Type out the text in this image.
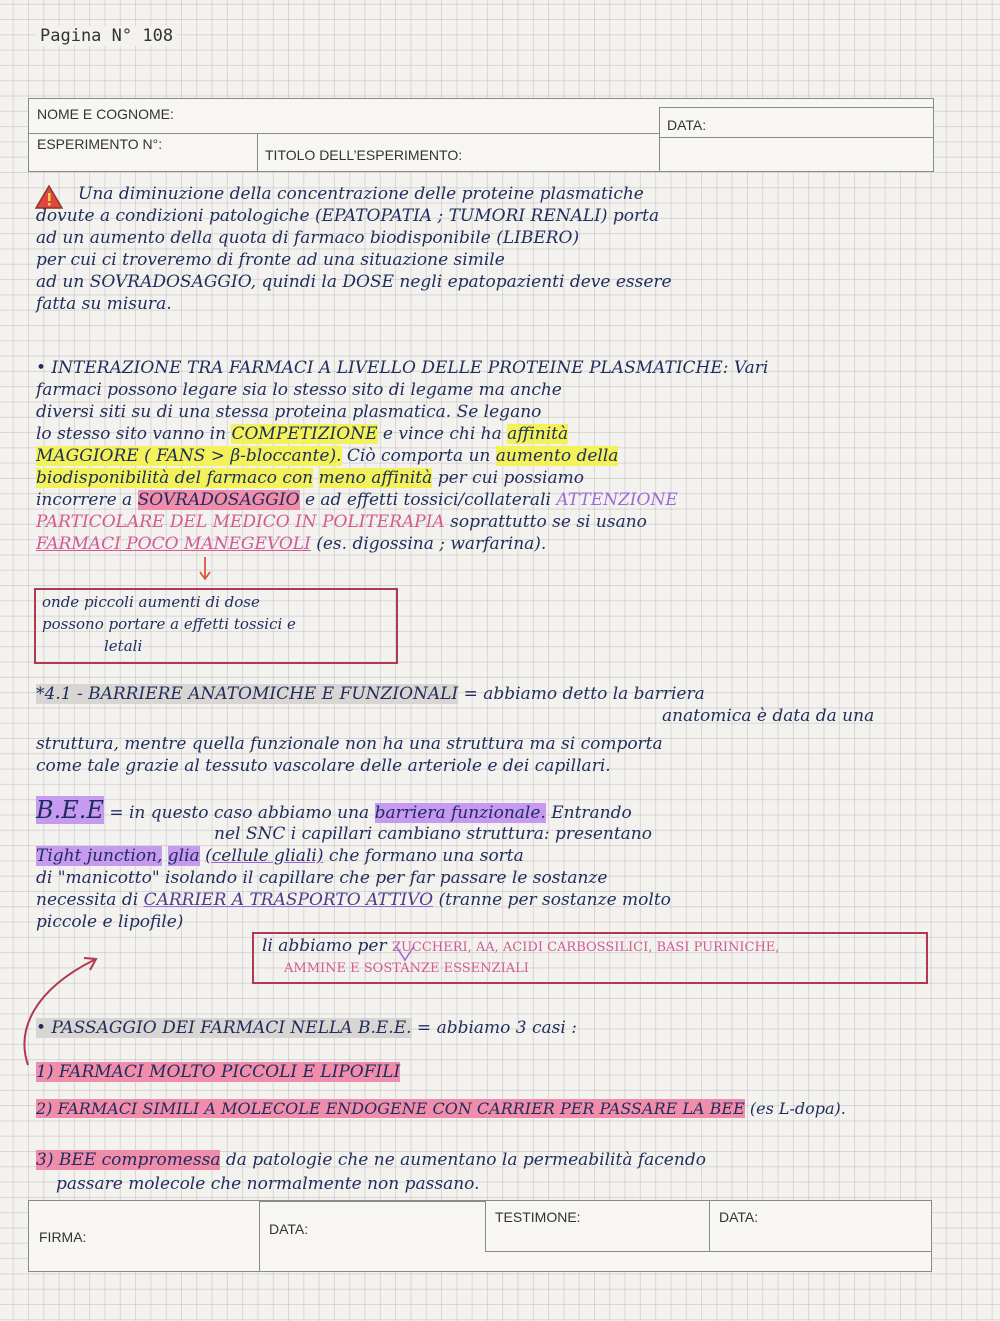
Pagina N° 108
NOME E COGNOME:
DATA:
ESPERIMENTO N°:
TITOLO DELL’ESPERIMENTO:
Una diminuzione della concentrazione delle proteine plasmatiche
dovute a condizioni patologiche (EPATOPATIA ; TUMORI RENALI) porta
ad un aumento della quota di farmaco biodisponibile (LIBERO)
per cui ci troveremo di fronte ad una situazione simile
ad un SOVRADOSAGGIO, quindi la DOSE negli epatopazienti deve essere
fatta su misura.
• INTERAZIONE TRA FARMACI A LIVELLO DELLE PROTEINE PLASMATICHE: Vari
farmaci possono legare sia lo stesso sito di legame ma anche
diversi siti su di una stessa proteina plasmatica. Se legano
lo stesso sito vanno in COMPETIZIONE e vince chi ha affinità
MAGGIORE ( FANS > β-bloccante). Ciò comporta un aumento della
biodisponibilità del farmaco con meno affinità per cui possiamo
incorrere a SOVRADOSAGGIO e ad effetti tossici/collaterali ATTENZIONE
PARTICOLARE DEL MEDICO IN POLITERAPIA soprattutto se si usano
FARMACI POCO MANEGEVOLI (es. digossina ; warfarina).
onde piccoli aumenti di dose
possono portare a effetti tossici e
letali
*4.1 - BARRIERE ANATOMICHE E FUNZIONALI = abbiamo detto la barriera
anatomica è data da una
struttura, mentre quella funzionale non ha una struttura ma si comporta
come tale grazie al tessuto vascolare delle arteriole e dei capillari.
B.E.E = in questo caso abbiamo una barriera funzionale. Entrando
nel SNC i capillari cambiano struttura: presentano
Tight junction, glia (cellule gliali) che formano una sorta
di "manicotto" isolando il capillare che per far passare le sostanze
necessita di CARRIER A TRASPORTO ATTIVO (tranne per sostanze molto
piccole e lipofile)
li abbiamo per ZUCCHERI, AA, ACIDI CARBOSSILICI, BASI PURINICHE,
AMMINE E SOSTANZE ESSENZIALI
• PASSAGGIO DEI FARMACI NELLA B.E.E. = abbiamo 3 casi :
1) FARMACI MOLTO PICCOLI E LIPOFILI
2) FARMACI SIMILI A MOLECOLE ENDOGENE CON CARRIER PER PASSARE LA BEE (es L-dopa).
3) BEE compromessa da patologie che ne aumentano la permeabilità facendo
passare molecole che normalmente non passano.
FIRMA:	DATA:
TESTIMONE:	DATA:
